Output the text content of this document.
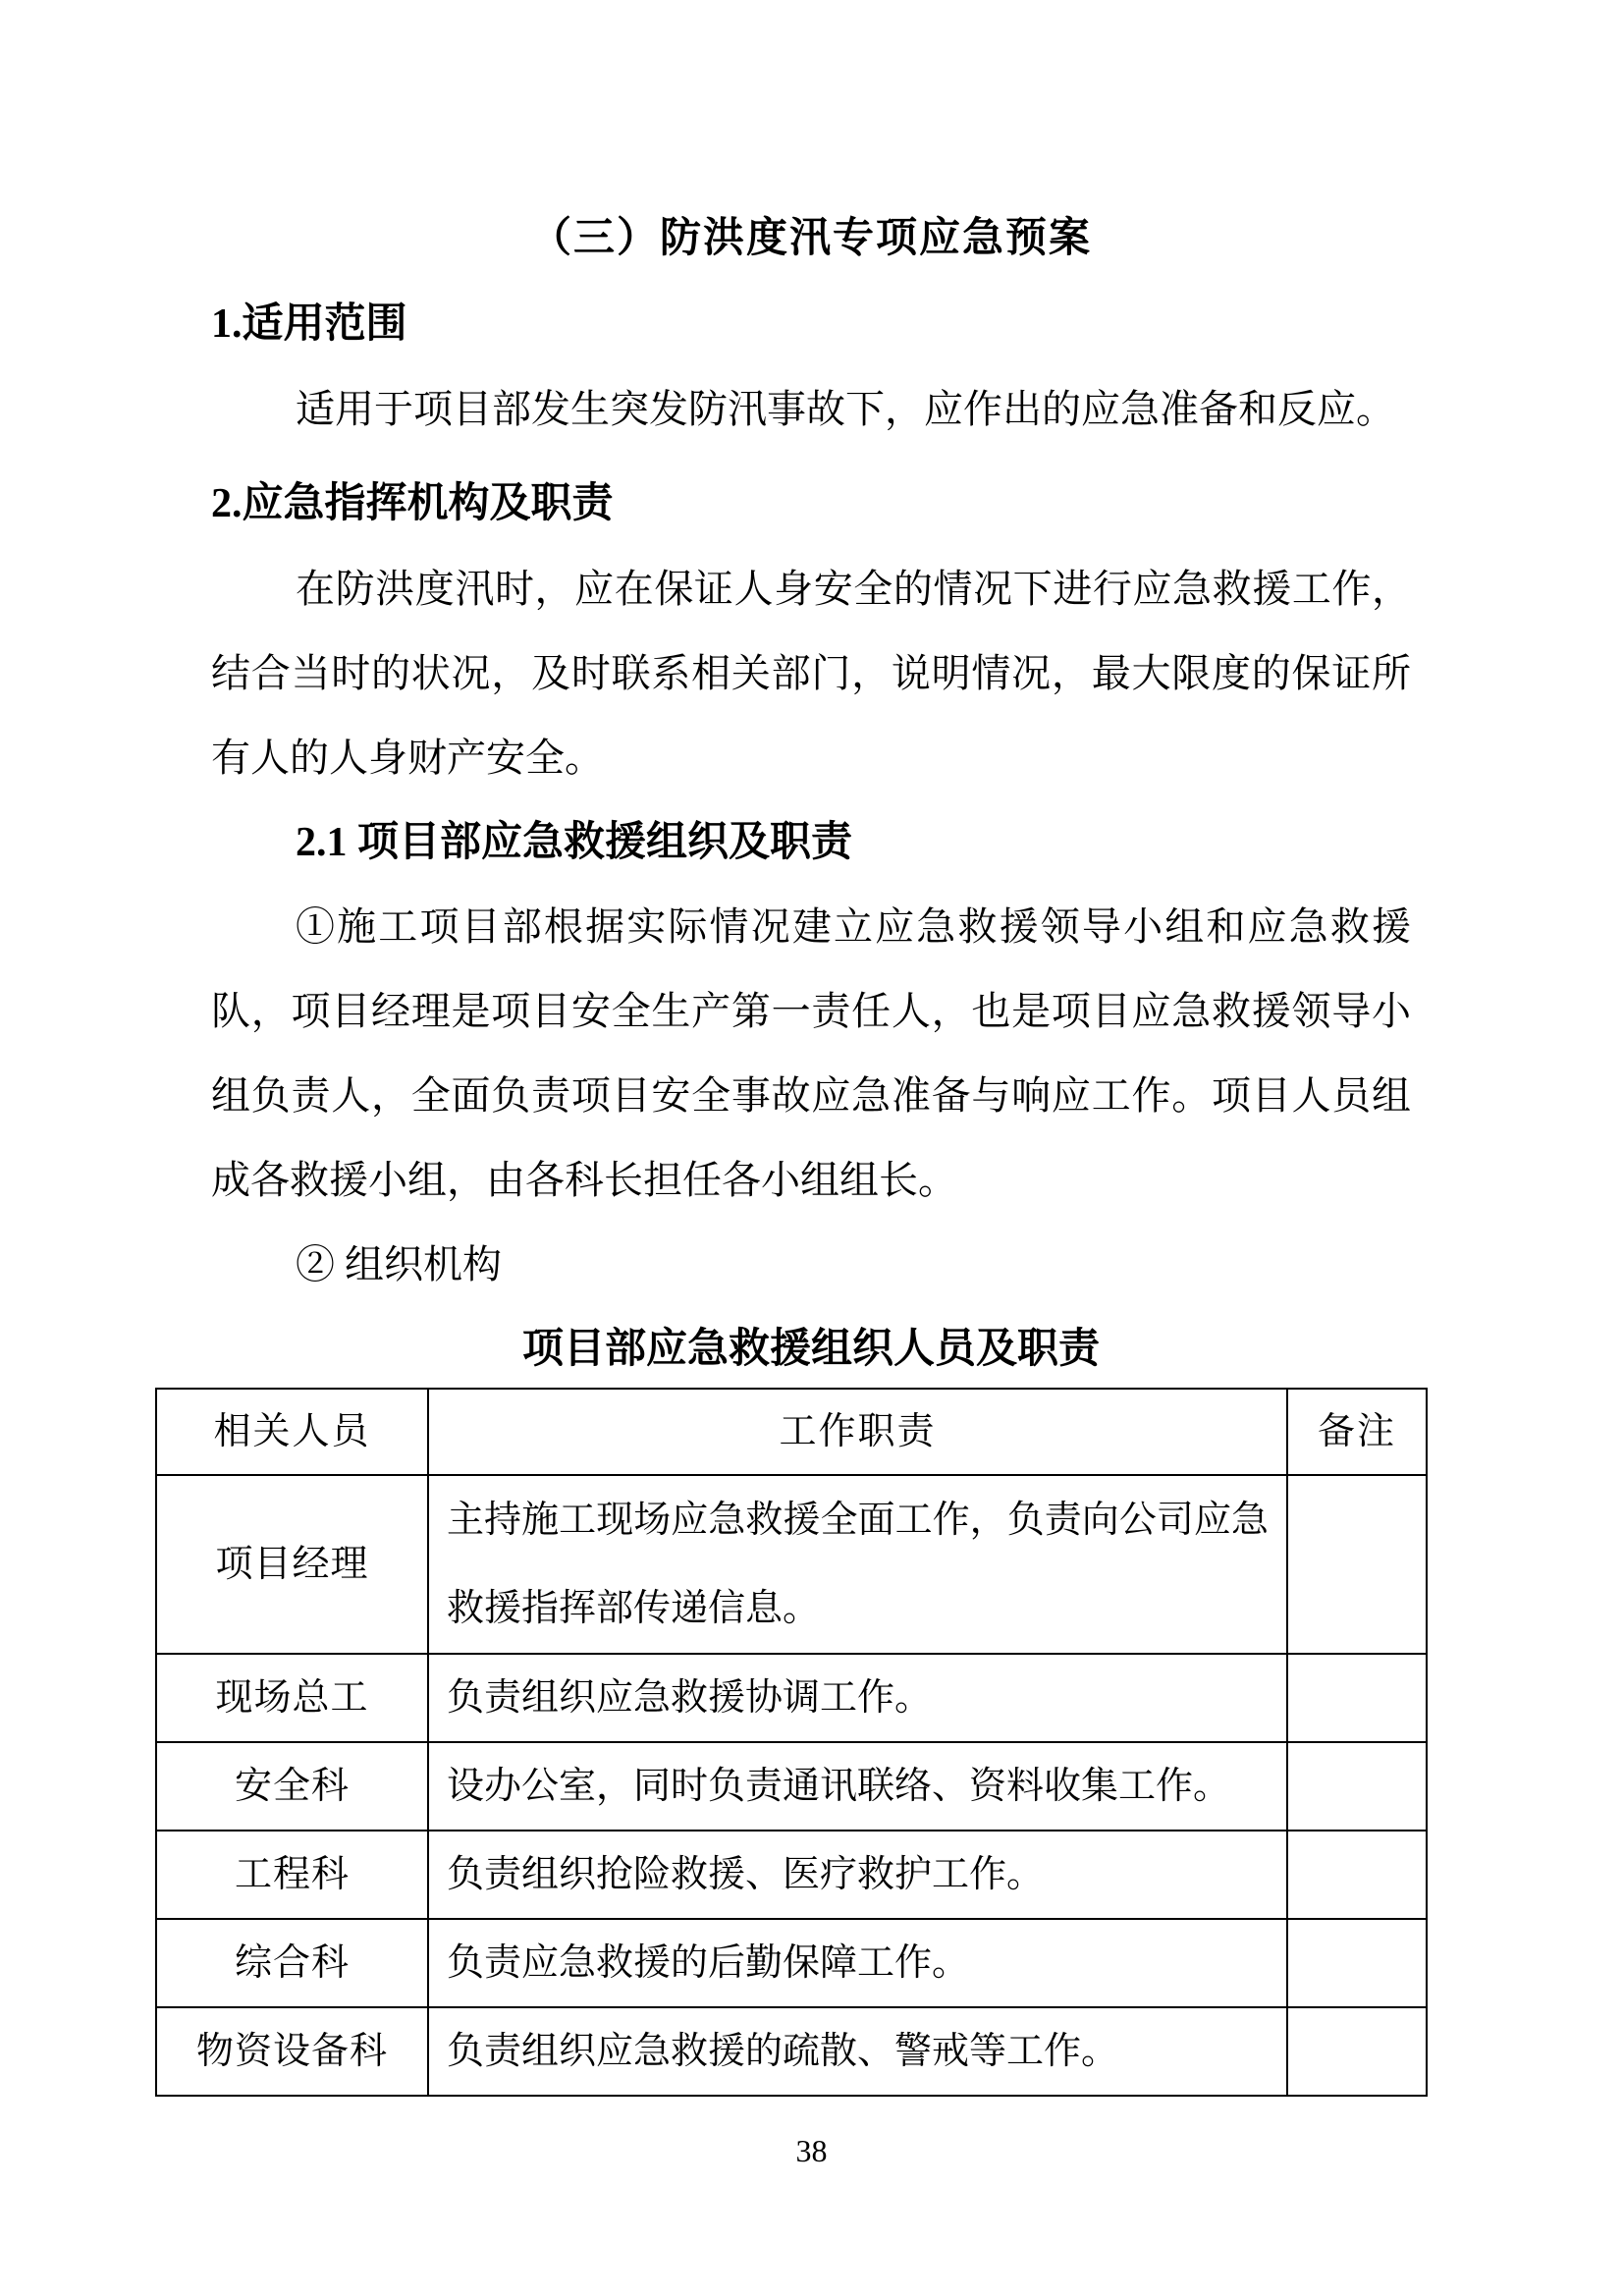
（三）防洪度汛专项应急预案
1.适用范围
适用于项目部发生突发防汛事故下，应作出的应急准备和反应。
2.应急指挥机构及职责
在防洪度汛时，应在保证人身安全的情况下进行应急救援工作，结合当时的状况，及时联系相关部门，说明情况，最大限度的保证所有人的人身财产安全。
2.1 项目部应急救援组织及职责
①施工项目部根据实际情况建立应急救援领导小组和应急救援队，项目经理是项目安全生产第一责任人，也是项目应急救援领导小组负责人，全面负责项目安全事故应急准备与响应工作。项目人员组成各救援小组，由各科长担任各小组组长。
② 组织机构
项目部应急救援组织人员及职责
相关人员	工作职责	备注
项目经理	主持施工现场应急救援全面工作，负责向公司应急救援指挥部传递信息。	
现场总工	负责组织应急救援协调工作。	
安全科	设办公室，同时负责通讯联络、资料收集工作。	
工程科	负责组织抢险救援、医疗救护工作。	
综合科	负责应急救援的后勤保障工作。	
物资设备科	负责组织应急救援的疏散、警戒等工作。	
38
